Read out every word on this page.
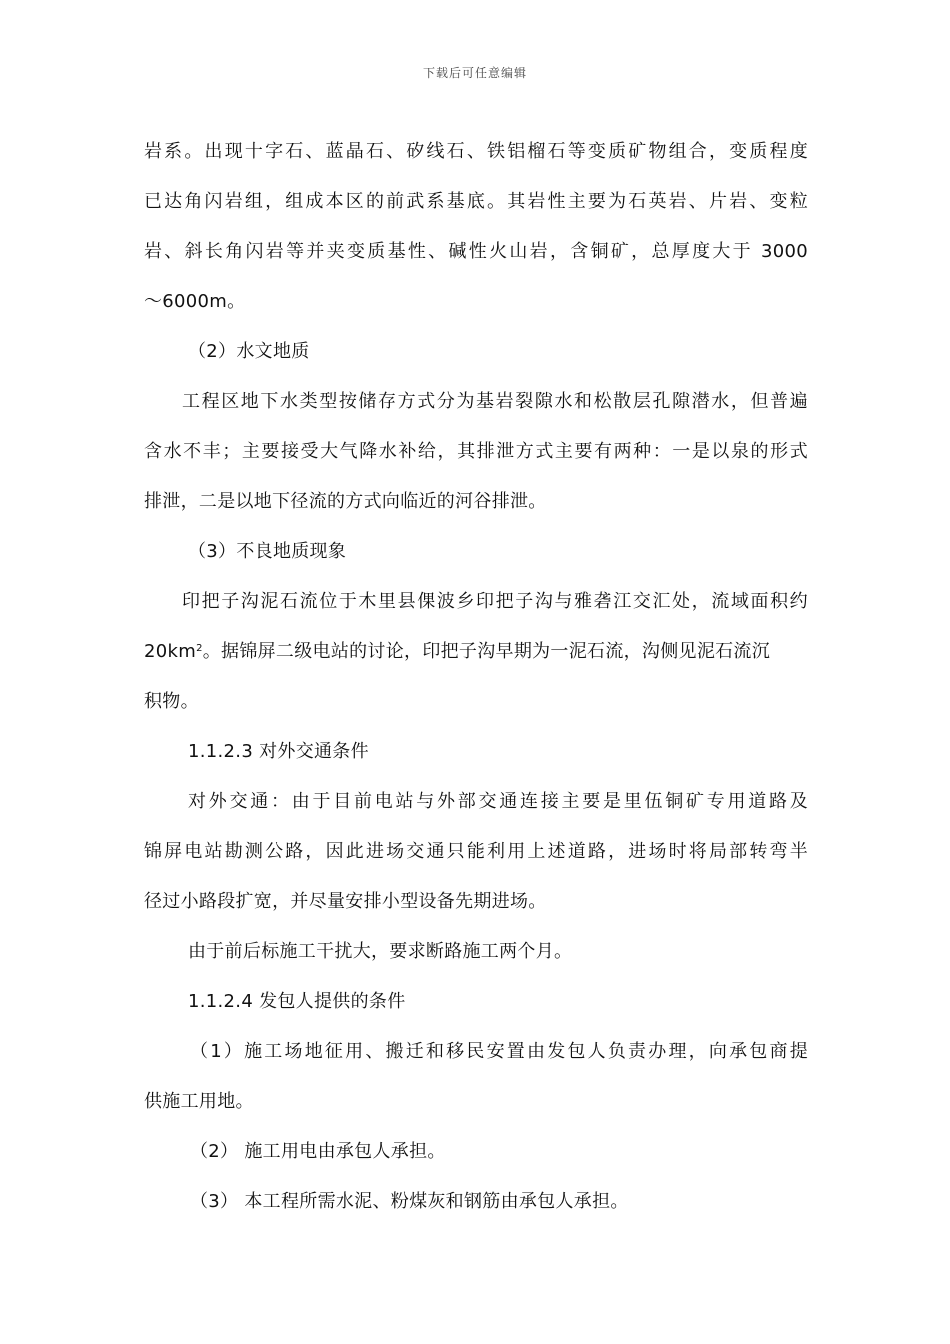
下载后可任意编辑
岩系。出现十字石、蓝晶石、矽线石、铁铝榴石等变质矿物组合，变质程度
已达角闪岩组，组成本区的前武系基底。其岩性主要为石英岩、片岩、变粒
岩、斜长角闪岩等并夹变质基性、碱性火山岩，含铜矿，总厚度大于 3000
～6000m。
（2）水文地质
工程区地下水类型按储存方式分为基岩裂隙水和松散层孔隙潜水，但普遍
含水不丰；主要接受大气降水补给，其排泄方式主要有两种：一是以泉的形式
排泄，二是以地下径流的方式向临近的河谷排泄。
（3）不良地质现象
印把子沟泥石流位于木里县倮波乡印把子沟与雅砻江交汇处，流域面积约
$20km^2$。据锦屏二级电站的讨论，印把子沟早期为一泥石流，沟侧见泥石流沉
积物。
1.1.2.3 对外交通条件
对外交通：由于目前电站与外部交通连接主要是里伍铜矿专用道路及
锦屏电站勘测公路，因此进场交通只能利用上述道路，进场时将局部转弯半
径过小路段扩宽，并尽量安排小型设备先期进场。
由于前后标施工干扰大，要求断路施工两个月。
1.1.2.4 发包人提供的条件
（1）施工场地征用、搬迁和移民安置由发包人负责办理，向承包商提
供施工用地。
（2） 施工用电由承包人承担。
（3） 本工程所需水泥、粉煤灰和钢筋由承包人承担。
